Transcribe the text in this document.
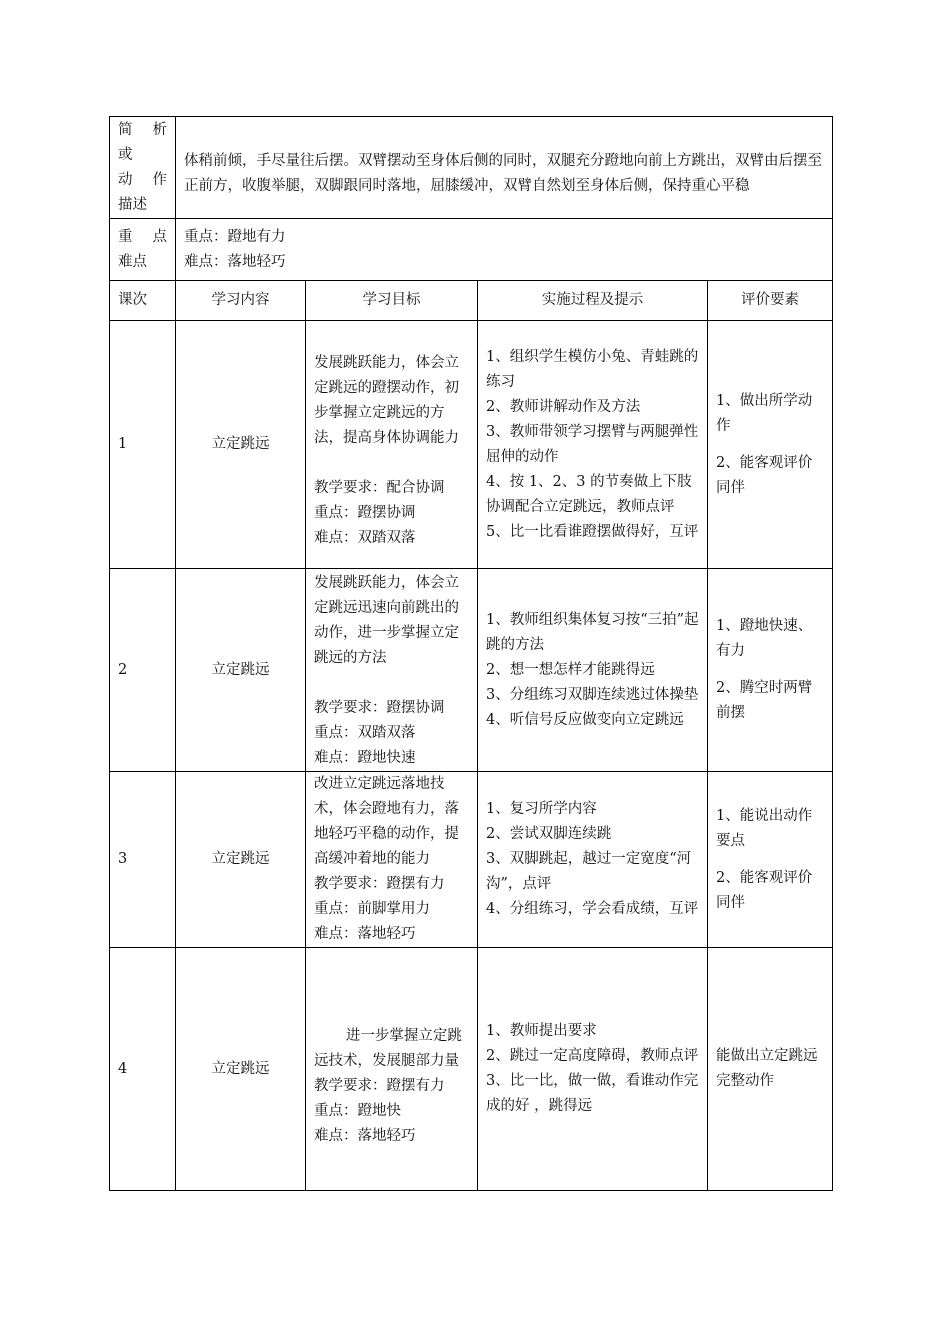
简 析
或
动 作
描述	体稍前倾，手尽量往后摆。双臂摆动至身体后侧的同时，双腿充分蹬地向前上方跳出，双臂由后摆至正前方，收腹举腿，双脚跟同时落地，屈膝缓冲，双臂自然划至身体后侧，保持重心平稳			

重 点
难点	重点：蹬地有力
难点：落地轻巧			

课次	学习内容	学习目标	实施过程及提示	评价要素
1	立定跳远	发展跳跃能力，体会立定跳远的蹬摆动作，初步掌握立定跳远的方法，提高身体协调能力
教学要求：配合协调
重点：蹬摆协调
难点：双踏双落	1、组织学生模仿小兔、青蛙跳的练习
2、教师讲解动作及方法
3、教师带领学习摆臂与两腿弹性屈伸的动作
4、按 1、2、3 的节奏做上下肢协调配合立定跳远，教师点评
5、比一比看谁蹬摆做得好，互评	1、做出所学动作
2、能客观评价同伴

2	立定跳远	发展跳跃能力，体会立定跳远迅速向前跳出的动作，进一步掌握立定跳远的方法
教学要求：蹬摆协调
重点：双踏双落
难点：蹬地快速	1、教师组织集体复习按“三拍”起跳的方法
2、想一想怎样才能跳得远
3、分组练习双脚连续逃过体操垫
4、听信号反应做变向立定跳远	1、蹬地快速、有力
2、腾空时两臂前摆

3	立定跳远	改进立定跳远落地技术，体会蹬地有力，落地轻巧平稳的动作，提高缓冲着地的能力
教学要求：蹬摆有力
重点：前脚掌用力
难点：落地轻巧	1、复习所学内容
2、尝试双脚连续跳
3、双脚跳起，越过一定宽度“河沟”，点评
4、分组练习，学会看成绩，互评	1、能说出动作要点
2、能客观评价同伴

4	立定跳远	进一步掌握立定跳远技术，发展腿部力量
教学要求：蹬摆有力
重点：蹬地快
难点：落地轻巧	1、教师提出要求
2、跳过一定高度障碍，教师点评
3、比一比，做一做，看谁动作完成的好 ，跳得远	能做出立定跳远完整动作
